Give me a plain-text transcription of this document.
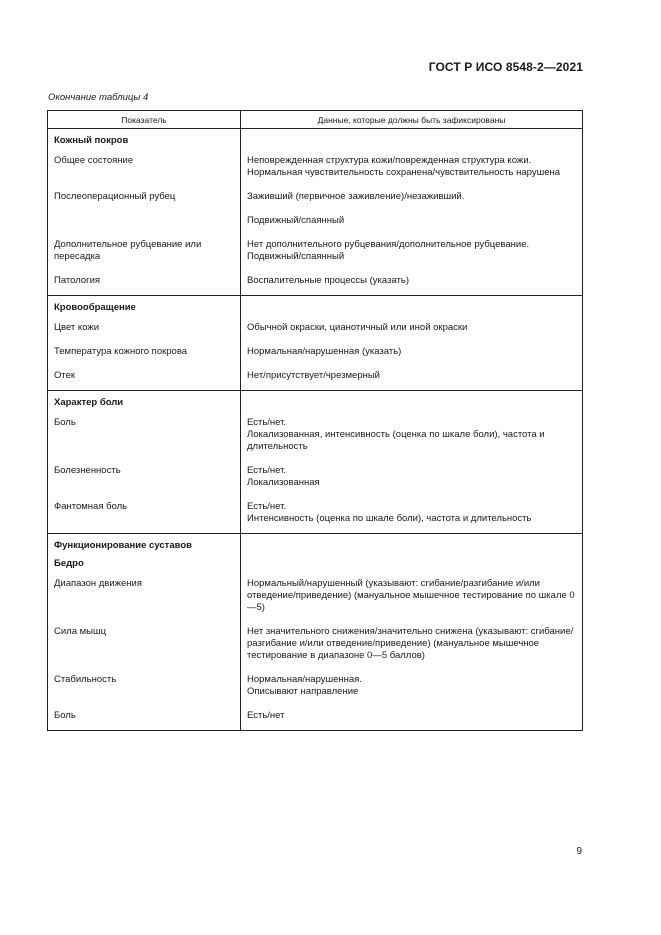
ГОСТ Р ИСО 8548-2—2021
Окончание таблицы 4
Показатель	Данные, которые должны быть зафиксированы
Кожный покров	
Общее состояние	Неповрежденная структура кожи/поврежденная структура кожи.
Нормальная чувствительность сохранена/чувствительность нарушена

Послеоперационный рубец	Заживший (первичное заживление)/незаживший.

	Подвижный/спаянный

Дополнительное рубцевание или пересадка	Нет дополнительного рубцевания/дополнительное рубцевание.
Подвижный/спаянный

Патология	Воспалительные процессы (указать)

Кровообращение	
Цвет кожи	Обычной окраски, цианотичный или иной окраски

Температура кожного покрова	Нормальная/нарушенная (указать)

Отек	Нет/присутствует/чрезмерный

Характер боли	
Боль	Есть/нет.
Локализованная, интенсивность (оценка по шкале боли), частота и длительность

Болезненность	Есть/нет.
Локализованная

Фантомная боль	Есть/нет.
Интенсивность (оценка по шкале боли), частота и длительность

Функционирование суставов	
Бедро	
Диапазон движения	Нормальный/нарушенный (указывают: сгибание/разгибание и/или отведение/приведение) (мануальное мышечное тестирование по шкале 0—5)

Сила мышц	Нет значительного снижения/значительно снижена (указывают: сгибание/разгибание и/или отведение/приведение) (мануальное мышечное тестирование в диапазоне 0—5 баллов)

Стабильность	Нормальная/нарушенная.
Описывают направление

Боль	Есть/нет
9
